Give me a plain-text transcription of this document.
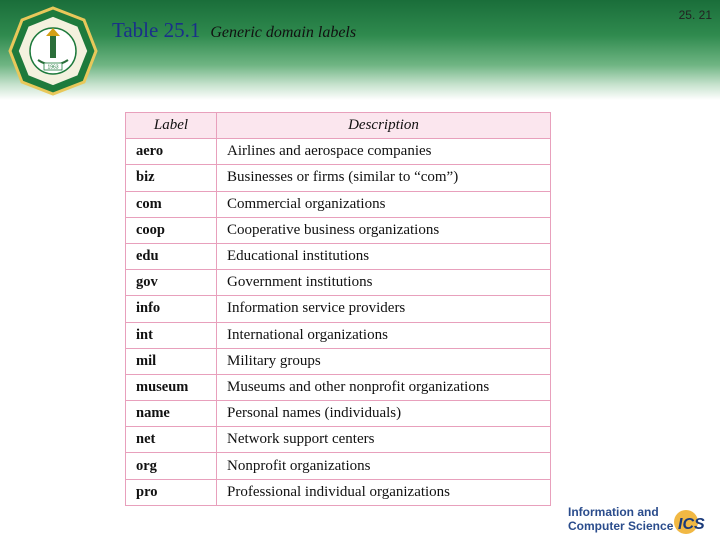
1963
Table 25.1 Generic domain labels
25. 21
Label	Description
aero	Airlines and aerospace companies
biz	Businesses or firms (similar to “com”)
com	Commercial organizations
coop	Cooperative business organizations
edu	Educational institutions
gov	Government institutions
info	Information service providers
int	International organizations
mil	Military groups
museum	Museums and other nonprofit organizations
name	Personal names (individuals)
net	Network support centers
org	Nonprofit organizations
pro	Professional individual organizations
Information and
Computer Science ICS
